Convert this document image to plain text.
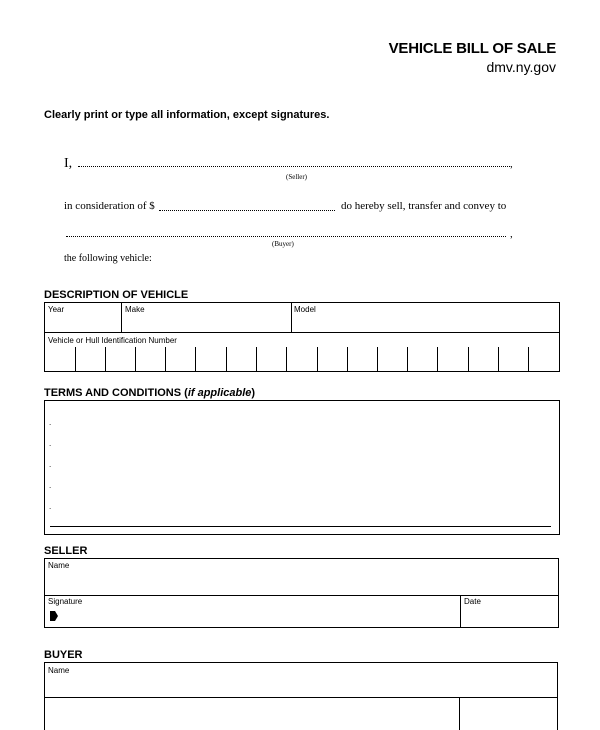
VEHICLE BILL OF SALE
dmv.ny.gov
Clearly print or type all information, except signatures.
I,	,
(Seller)
in consideration of $	do hereby sell, transfer and convey to
,
(Buyer)
the following vehicle:
DESCRIPTION OF VEHICLE
Year	Make	Model
Vehicle or Hull Identification Number
TERMS AND CONDITIONS (if applicable)
.
.
.
.
.
SELLER
Name
Signature	Date
BUYER
Name
